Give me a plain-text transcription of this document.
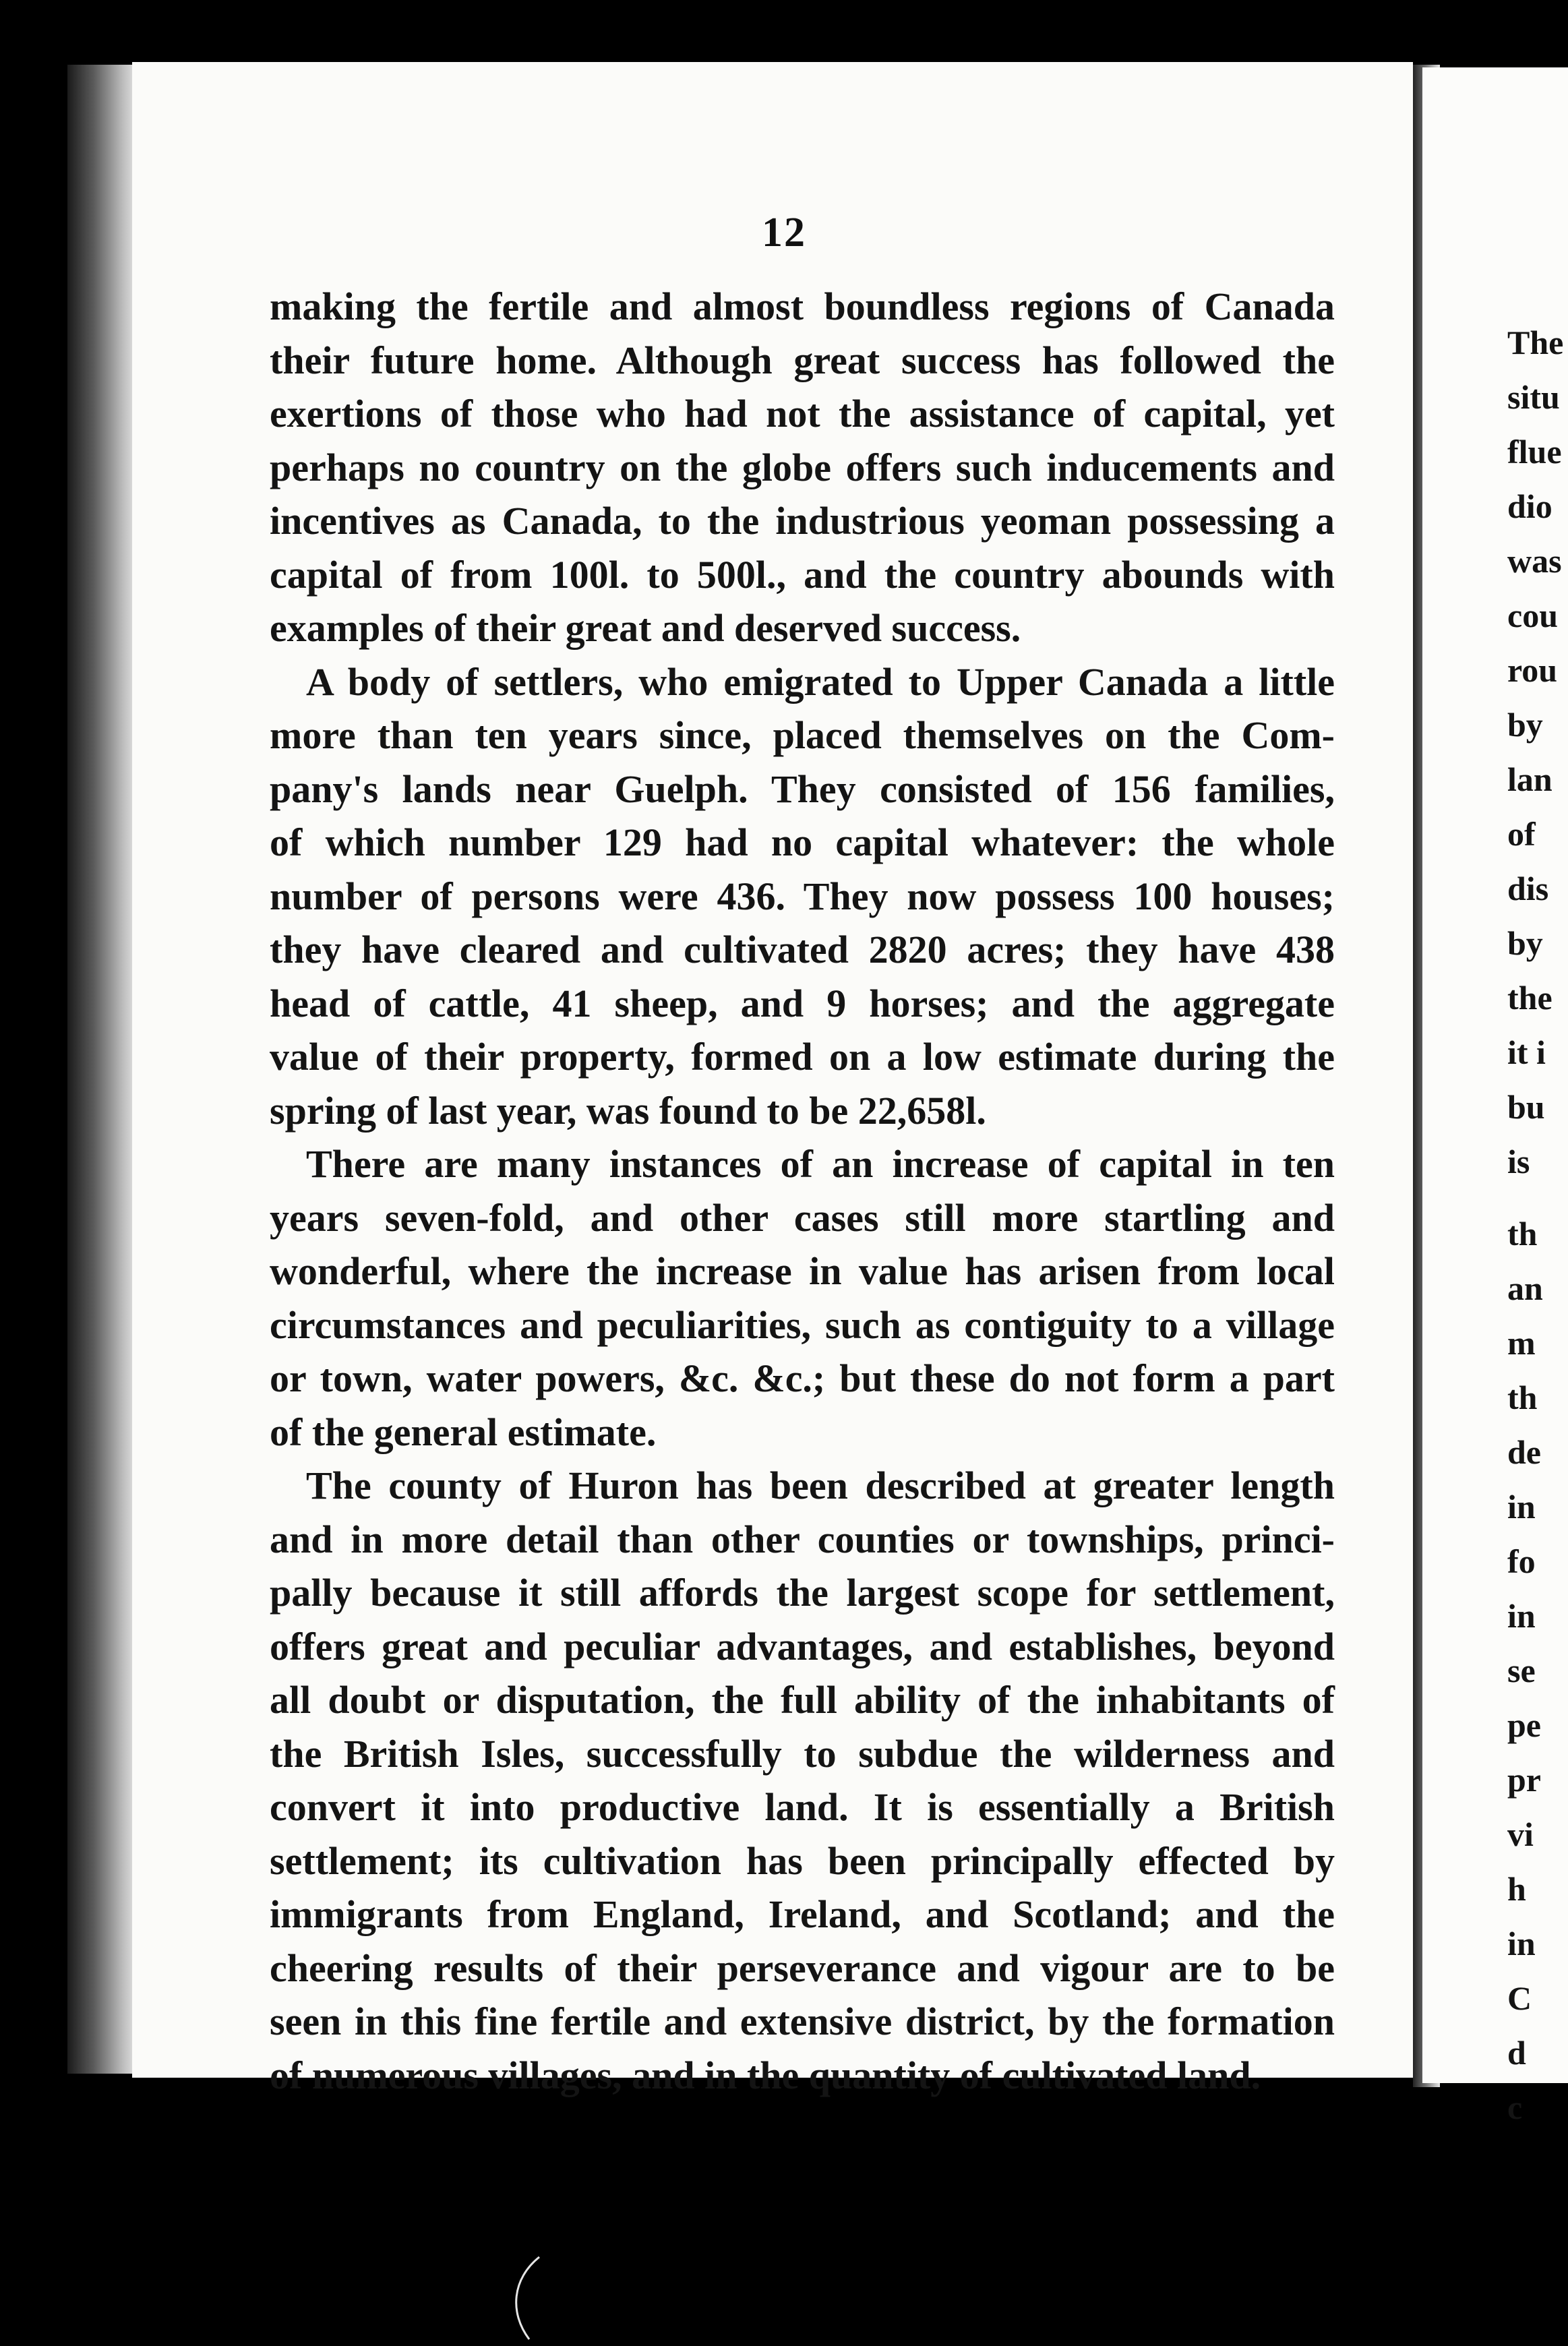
12
making the fertile and almost boundless regions of Canada
their future home. Although great success has followed the
exertions of those who had not the assistance of capital, yet
perhaps no country on the globe offers such inducements and
incentives as Canada, to the industrious yeoman possessing a
capital of from 100l. to 500l., and the country abounds with
examples of their great and deserved success.
A body of settlers, who emigrated to Upper Canada a little
more than ten years since, placed themselves on the Com-
pany's lands near Guelph. They consisted of 156 families,
of which number 129 had no capital whatever: the whole
number of persons were 436. They now possess 100 houses;
they have cleared and cultivated 2820 acres; they have 438
head of cattle, 41 sheep, and 9 horses; and the aggregate
value of their property, formed on a low estimate during the
spring of last year, was found to be 22,658l.
There are many instances of an increase of capital in ten
years seven-fold, and other cases still more startling and
wonderful, where the increase in value has arisen from local
circumstances and peculiarities, such as contiguity to a village
or town, water powers, &c. &c.; but these do not form a part
of the general estimate.
The county of Huron has been described at greater length
and in more detail than other counties or townships, princi-
pally because it still affords the largest scope for settlement,
offers great and peculiar advantages, and establishes, beyond
all doubt or disputation, the full ability of the inhabitants of
the British Isles, successfully to subdue the wilderness and
convert it into productive land. It is essentially a British
settlement; its cultivation has been principally effected by
immigrants from England, Ireland, and Scotland; and the
cheering results of their perseverance and vigour are to be
seen in this fine fertile and extensive district, by the formation
of numerous villages, and in the quantity of cultivated land.
The
situ
flue
dio
was
cou
rou
by
lan
of
dis
by
the
it i
bu
is
th
an
m
th
de
in
fo
in
se
pe
pr
vi
h
in
C
d
c
